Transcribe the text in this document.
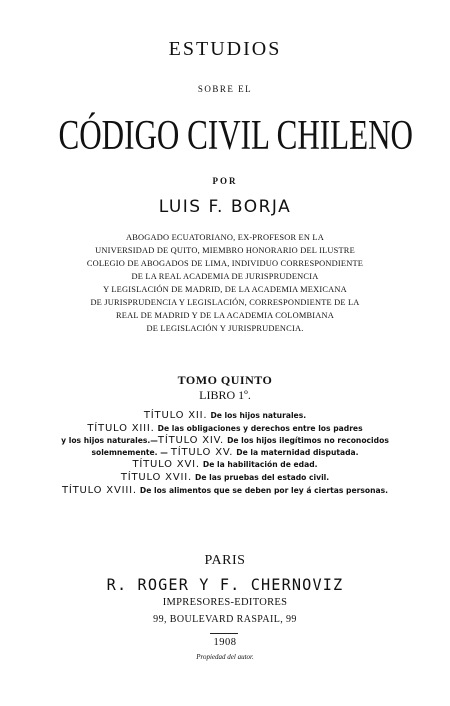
ESTUDIOS
SOBRE EL
CÓDIGO CIVIL CHILENO
POR
LUIS F. BORJA
ABOGADO ECUATORIANO, EX-PROFESOR EN LA
UNIVERSIDAD DE QUITO, MIEMBRO HONORARIO DEL ILUSTRE
COLEGIO DE ABOGADOS DE LIMA, INDIVIDUO CORRESPONDIENTE
DE LA REAL ACADEMIA DE JURISPRUDENCIA
Y LEGISLACIÓN DE MADRID, DE LA ACADEMIA MEXICANA
DE JURISPRUDENCIA Y LEGISLACIÓN, CORRESPONDIENTE DE LA
REAL DE MADRID Y DE LA ACADEMIA COLOMBIANA
DE LEGISLACIÓN Y JURISPRUDENCIA.
TOMO QUINTO
LIBRO 1º.
TÍTULO XII. De los hijos naturales.
TÍTULO XIII. De las obligaciones y derechos entre los padres
y los hijos naturales.—TÍTULO XIV. De los hijos ilegítimos no reconocidos
solemnemente. — TÍTULO XV. De la maternidad disputada.
TÍTULO XVI. De la habilitación de edad.
TÍTULO XVII. De las pruebas del estado civil.
TÍTULO XVIII. De los alimentos que se deben por ley á ciertas personas.
PARIS
R. ROGER Y F. CHERNOVIZ
IMPRESORES-EDITORES
99, BOULEVARD RASPAIL, 99
1908
Propiedad del autor.
